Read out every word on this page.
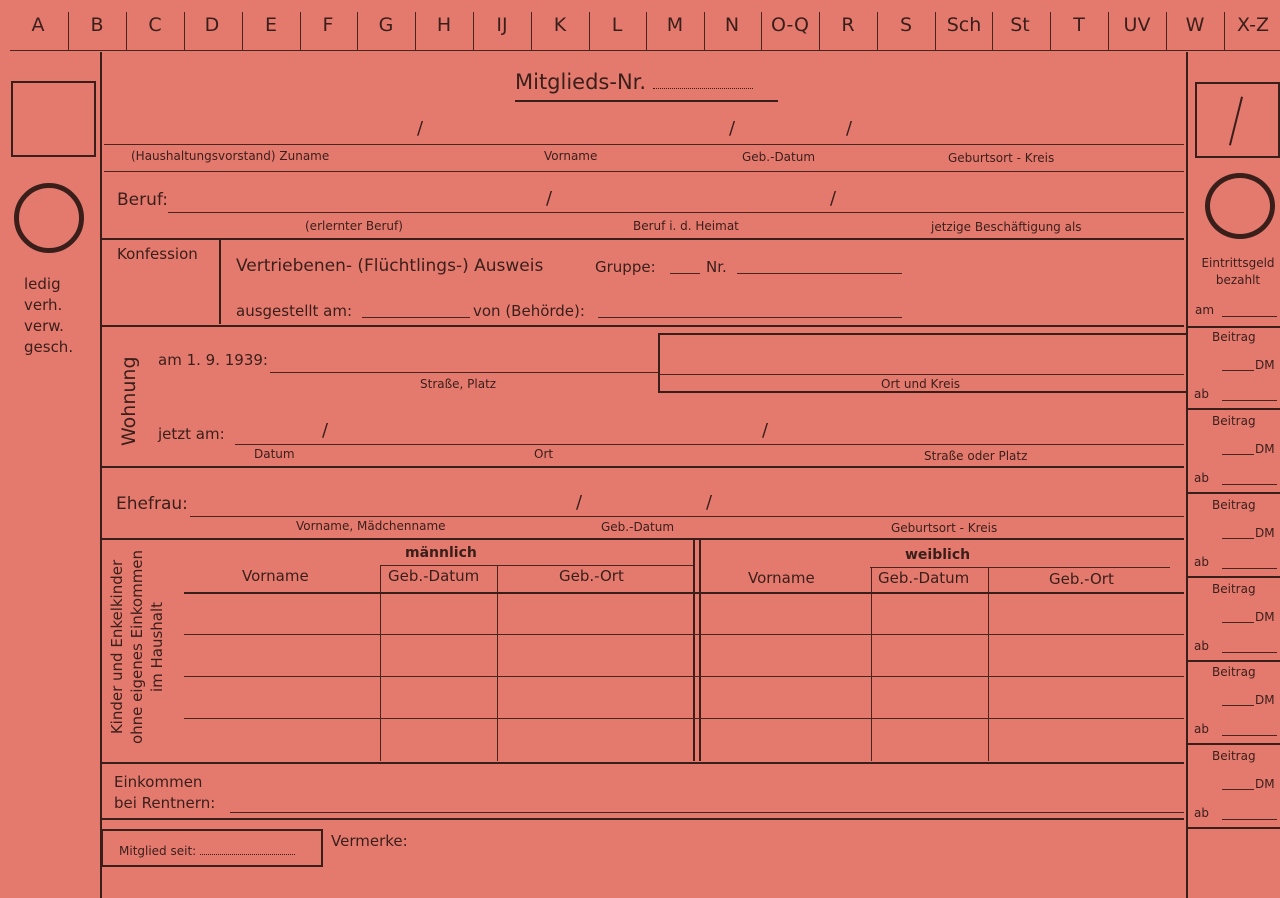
A	B	C	D	E	F	G	H	IJ	K	L	M	N	O-Q	R	S	Sch	St	T	UV	W	X-Z
ledig
verh.
verw.
gesch.
Mitglieds-Nr.
/	/	/
(Haushaltungsvorstand) Zuname	Vorname	Geb.-Datum	Geburtsort - Kreis
Beruf:	/	/
(erlernter Beruf)	Beruf i. d. Heimat	jetzige Beschäftigung als
Konfession
Vertriebenen- (Flüchtlings-) Ausweis	Gruppe:	Nr.
ausgestellt am:	von (Behörde):
Wohnung am 1. 9. 1939:
Straße, Platz	Ort und Kreis
jetzt am:	/	/
Datum	Ort	Straße oder Platz
Ehefrau:	/	/
Vorname, Mädchenname	Geb.-Datum	Geburtsort - Kreis
Kinder und Enkelkinder ohne eigenes Einkommen im Haushalt
männlich	weiblich
Vorname	Geb.-Datum	Geb.-Ort	Vorname	Geb.-Datum	Geb.-Ort
Einkommen
bei Rentnern:
Mitglied seit:
Vermerke:
Eintrittsgeld
bezahlt
am
Beitrag
DM
ab
Beitrag
DM
ab
Beitrag
DM
ab
Beitrag
DM
ab
Beitrag
DM
ab
Beitrag
DM
ab
